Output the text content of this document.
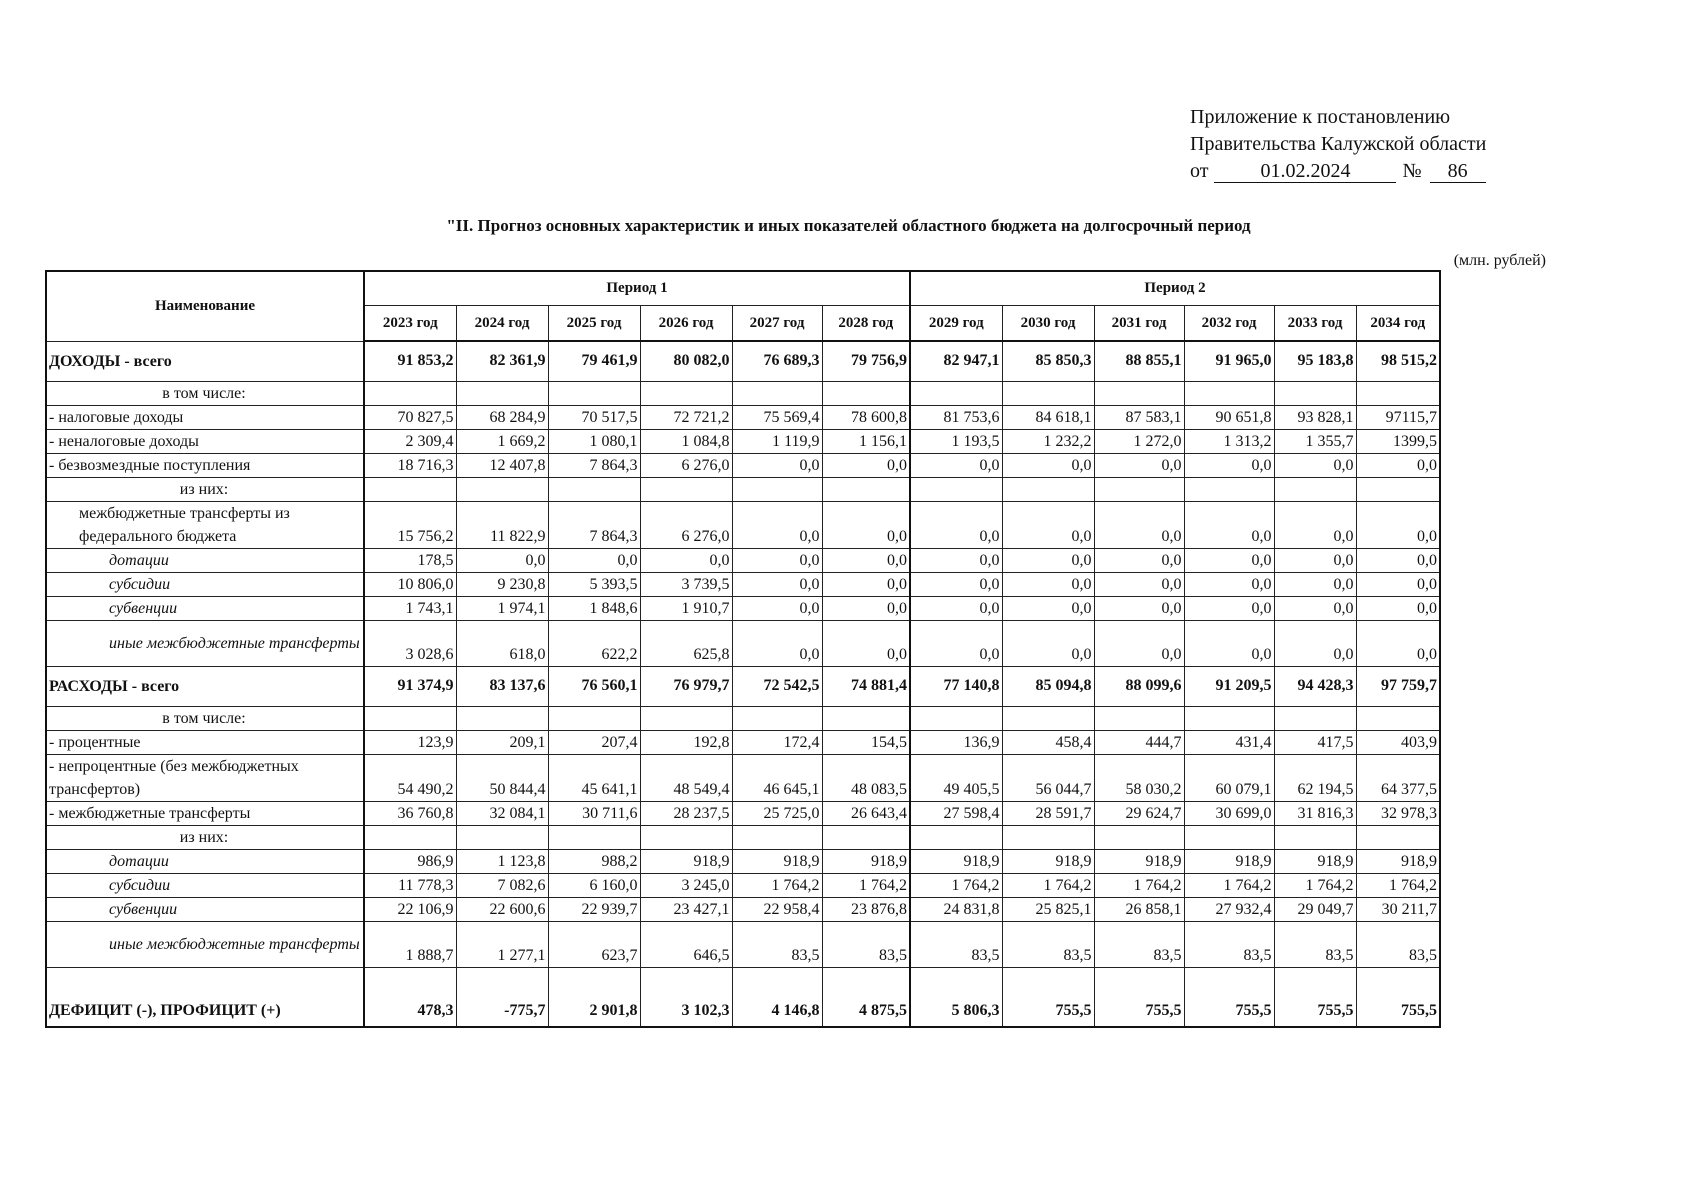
Приложение к постановлению
Правительства Калужской области
от	01.02.2024	№ 86
"II. Прогноз основных характеристик и иных показателей областного бюджета на долгосрочный период
(млн. рублей)
Наименование	Период 1						Период 2					
	2023 год	2024 год	2025 год	2026 год	2027 год	2028 год	2029 год	2030 год	2031 год	2032 год	2033 год	2034 год
ДОХОДЫ - всего	91 853,2	82 361,9	79 461,9	80 082,0	76 689,3	79 756,9	82 947,1	85 850,3	88 855,1	91 965,0	95 183,8	98 515,2
в том числе:												
- налоговые доходы	70 827,5	68 284,9	70 517,5	72 721,2	75 569,4	78 600,8	81 753,6	84 618,1	87 583,1	90 651,8	93 828,1	97115,7
- неналоговые доходы	2 309,4	1 669,2	1 080,1	1 084,8	1 119,9	1 156,1	1 193,5	1 232,2	1 272,0	1 313,2	1 355,7	1399,5
- безвозмездные поступления	18 716,3	12 407,8	7 864,3	6 276,0	0,0	0,0	0,0	0,0	0,0	0,0	0,0	0,0
из них:												
межбюджетные трансферты из федерального бюджета	15 756,2	11 822,9	7 864,3	6 276,0	0,0	0,0	0,0	0,0	0,0	0,0	0,0	0,0
дотации	178,5	0,0	0,0	0,0	0,0	0,0	0,0	0,0	0,0	0,0	0,0	0,0
субсидии	10 806,0	9 230,8	5 393,5	3 739,5	0,0	0,0	0,0	0,0	0,0	0,0	0,0	0,0
субвенции	1 743,1	1 974,1	1 848,6	1 910,7	0,0	0,0	0,0	0,0	0,0	0,0	0,0	0,0
иные межбюджетные трансферты	3 028,6	618,0	622,2	625,8	0,0	0,0	0,0	0,0	0,0	0,0	0,0	0,0
РАСХОДЫ - всего	91 374,9	83 137,6	76 560,1	76 979,7	72 542,5	74 881,4	77 140,8	85 094,8	88 099,6	91 209,5	94 428,3	97 759,7
в том числе:												
- процентные	123,9	209,1	207,4	192,8	172,4	154,5	136,9	458,4	444,7	431,4	417,5	403,9
- непроцентные (без межбюджетных трансфертов)	54 490,2	50 844,4	45 641,1	48 549,4	46 645,1	48 083,5	49 405,5	56 044,7	58 030,2	60 079,1	62 194,5	64 377,5
- межбюджетные трансферты	36 760,8	32 084,1	30 711,6	28 237,5	25 725,0	26 643,4	27 598,4	28 591,7	29 624,7	30 699,0	31 816,3	32 978,3
из них:												
дотации	986,9	1 123,8	988,2	918,9	918,9	918,9	918,9	918,9	918,9	918,9	918,9	918,9
субсидии	11 778,3	7 082,6	6 160,0	3 245,0	1 764,2	1 764,2	1 764,2	1 764,2	1 764,2	1 764,2	1 764,2	1 764,2
субвенции	22 106,9	22 600,6	22 939,7	23 427,1	22 958,4	23 876,8	24 831,8	25 825,1	26 858,1	27 932,4	29 049,7	30 211,7
иные межбюджетные трансферты	1 888,7	1 277,1	623,7	646,5	83,5	83,5	83,5	83,5	83,5	83,5	83,5	83,5
ДЕФИЦИТ (-), ПРОФИЦИТ (+)	478,3	-775,7	2 901,8	3 102,3	4 146,8	4 875,5	5 806,3	755,5	755,5	755,5	755,5	755,5
